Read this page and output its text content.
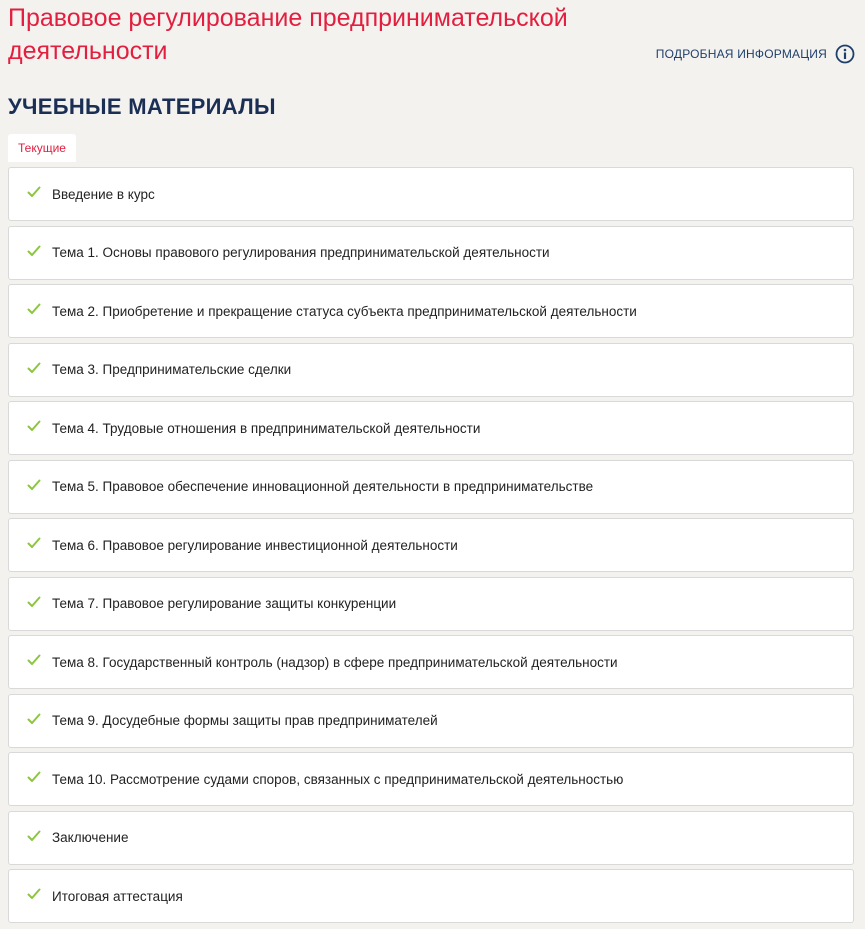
Правовое регулирование предпринимательской деятельности	ПОДРОБНАЯ ИНФОРМАЦИЯ
УЧЕБНЫЕ МАТЕРИАЛЫ
Текущие
Введение в курс
Тема 1. Основы правового регулирования предпринимательской деятельности
Тема 2. Приобретение и прекращение статуса субъекта предпринимательской деятельности
Тема 3. Предпринимательские сделки
Тема 4. Трудовые отношения в предпринимательской деятельности
Тема 5. Правовое обеспечение инновационной деятельности в предпринимательстве
Тема 6. Правовое регулирование инвестиционной деятельности
Тема 7. Правовое регулирование защиты конкуренции
Тема 8. Государственный контроль (надзор) в сфере предпринимательской деятельности
Тема 9. Досудебные формы защиты прав предпринимателей
Тема 10. Рассмотрение судами споров, связанных с предпринимательской деятельностью
Заключение
Итоговая аттестация
